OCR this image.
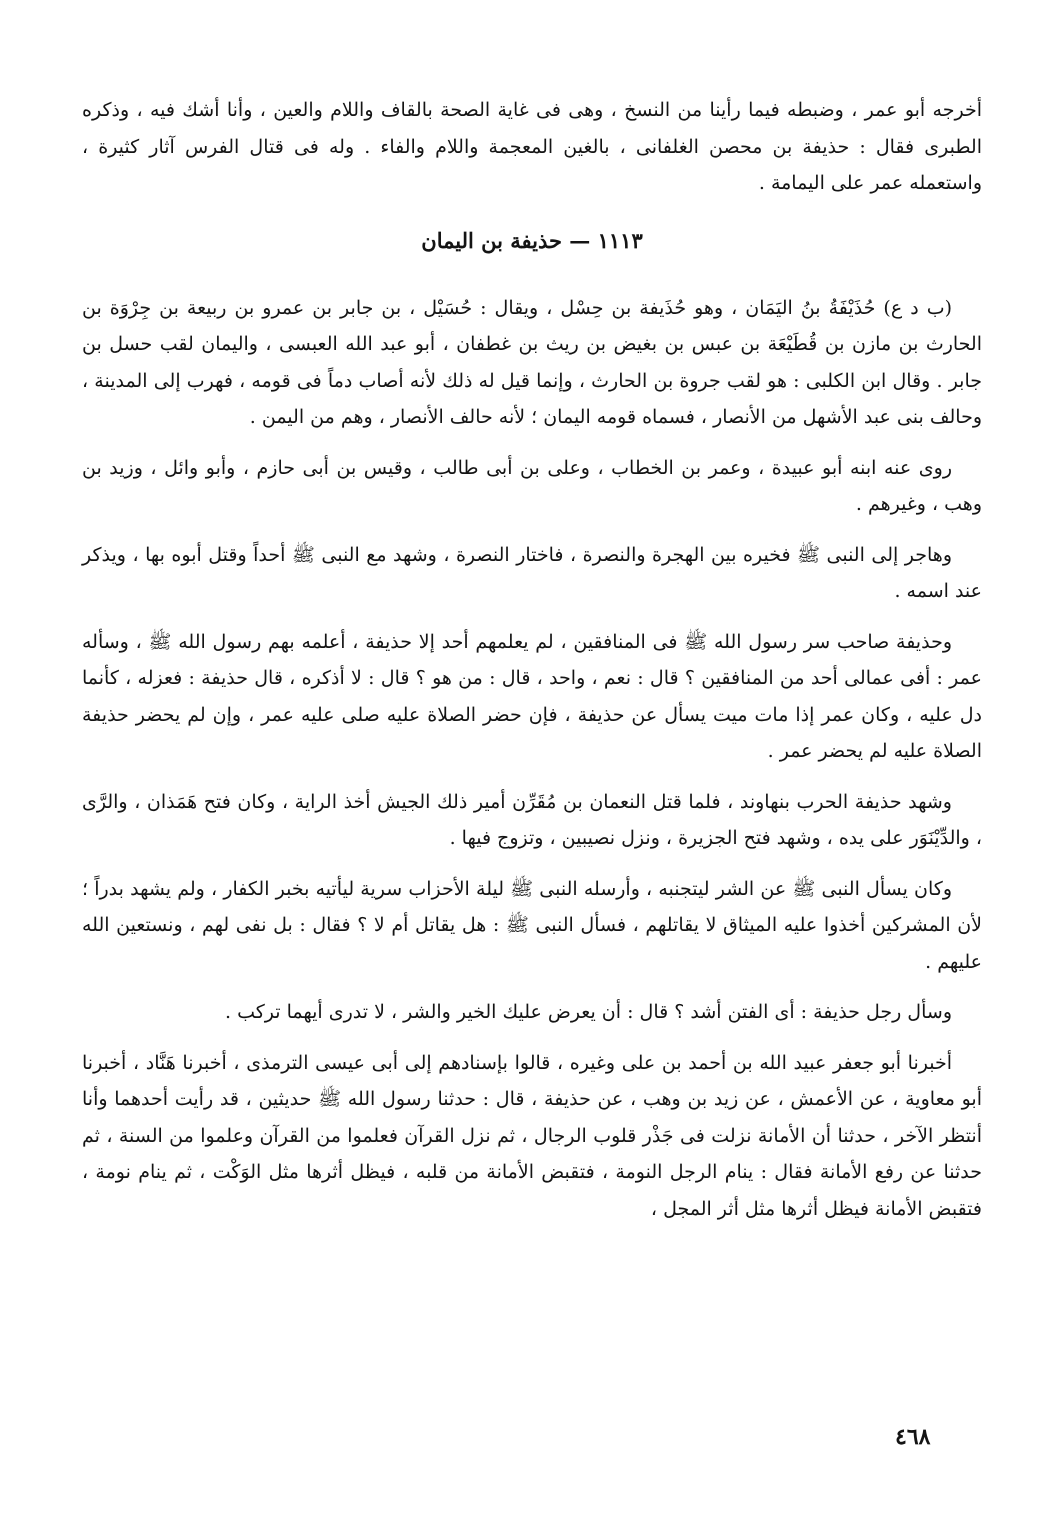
أخرجه أبو عمر ، وضبطه فيما رأينا من النسخ ، وهى فى غاية الصحة بالقاف واللام والعين ، وأنا أشك فيه ، وذكره الطبرى فقال : حذيفة بن محصن الغلفانى ، بالغين المعجمة واللام والفاء . وله فى قتال الفرس آثار كثيرة ، واستعمله عمر على اليمامة .

١١١٣ — حذيفة بن اليمان

(ب د ع) حُذَيْفَةُ بنُ اليَمَان ، وهو حُذَيفة بن حِسْل ، ويقال : حُسَيْل ، بن جابر بن عمرو بن ربيعة بن جِرْوَة بن الحارث بن مازن بن قُطَيْعَة بن عبس بن بغيض بن ريث بن غطفان ، أبو عبد الله العبسى ، واليمان لقب حسل بن جابر . وقال ابن الكلبى : هو لقب جروة بن الحارث ، وإنما قيل له ذلك لأنه أصاب دماً فى قومه ، فهرب إلى المدينة ، وحالف بنى عبد الأشهل من الأنصار ، فسماه قومه اليمان ؛ لأنه حالف الأنصار ، وهم من اليمن .

روى عنه ابنه أبو عبيدة ، وعمر بن الخطاب ، وعلى بن أبى طالب ، وقيس بن أبى حازم ، وأبو وائل ، وزيد بن وهب ، وغيرهم .

وهاجر إلى النبى ﷺ فخيره بين الهجرة والنصرة ، فاختار النصرة ، وشهد مع النبى ﷺ أحداً وقتل أبوه بها ، ويذكر عند اسمه .

وحذيفة صاحب سر رسول الله ﷺ فى المنافقين ، لم يعلمهم أحد إلا حذيفة ، أعلمه بهم رسول الله ﷺ ، وسأله عمر : أفى عمالى أحد من المنافقين ؟ قال : نعم ، واحد ، قال : من هو ؟ قال : لا أذكره ، قال حذيفة : فعزله ، كأنما دل عليه ، وكان عمر إذا مات ميت يسأل عن حذيفة ، فإن حضر الصلاة عليه صلى عليه عمر ، وإن لم يحضر حذيفة الصلاة عليه لم يحضر عمر .

وشهد حذيفة الحرب بنهاوند ، فلما قتل النعمان بن مُقَرِّن أمير ذلك الجيش أخذ الراية ، وكان فتح هَمَذان ، والرَّى ، والدِّيْنَوَر على يده ، وشهد فتح الجزيرة ، ونزل نصيبين ، وتزوج فيها .

وكان يسأل النبى ﷺ عن الشر ليتجنبه ، وأرسله النبى ﷺ ليلة الأحزاب سرية ليأتيه بخبر الكفار ، ولم يشهد بدراً ؛ لأن المشركين أخذوا عليه الميثاق لا يقاتلهم ، فسأل النبى ﷺ : هل يقاتل أم لا ؟ فقال : بل نفى لهم ، ونستعين الله عليهم .

وسأل رجل حذيفة : أى الفتن أشد ؟ قال : أن يعرض عليك الخير والشر ، لا تدرى أيهما تركب .

أخبرنا أبو جعفر عبيد الله بن أحمد بن على وغيره ، قالوا بإسنادهم إلى أبى عيسى الترمذى ، أخبرنا هَنَّاد ، أخبرنا أبو معاوية ، عن الأعمش ، عن زيد بن وهب ، عن حذيفة ، قال : حدثنا رسول الله ﷺ حديثين ، قد رأيت أحدهما وأنا أنتظر الآخر ، حدثنا أن الأمانة نزلت فى جَذْر قلوب الرجال ، ثم نزل القرآن فعلموا من القرآن وعلموا من السنة ، ثم حدثنا عن رفع الأمانة فقال : ينام الرجل النومة ، فتقبض الأمانة من قلبه ، فيظل أثرها مثل الوَكْت ، ثم ينام نومة ، فتقبض الأمانة فيظل أثرها مثل أثر المجل ،

٤٦٨
